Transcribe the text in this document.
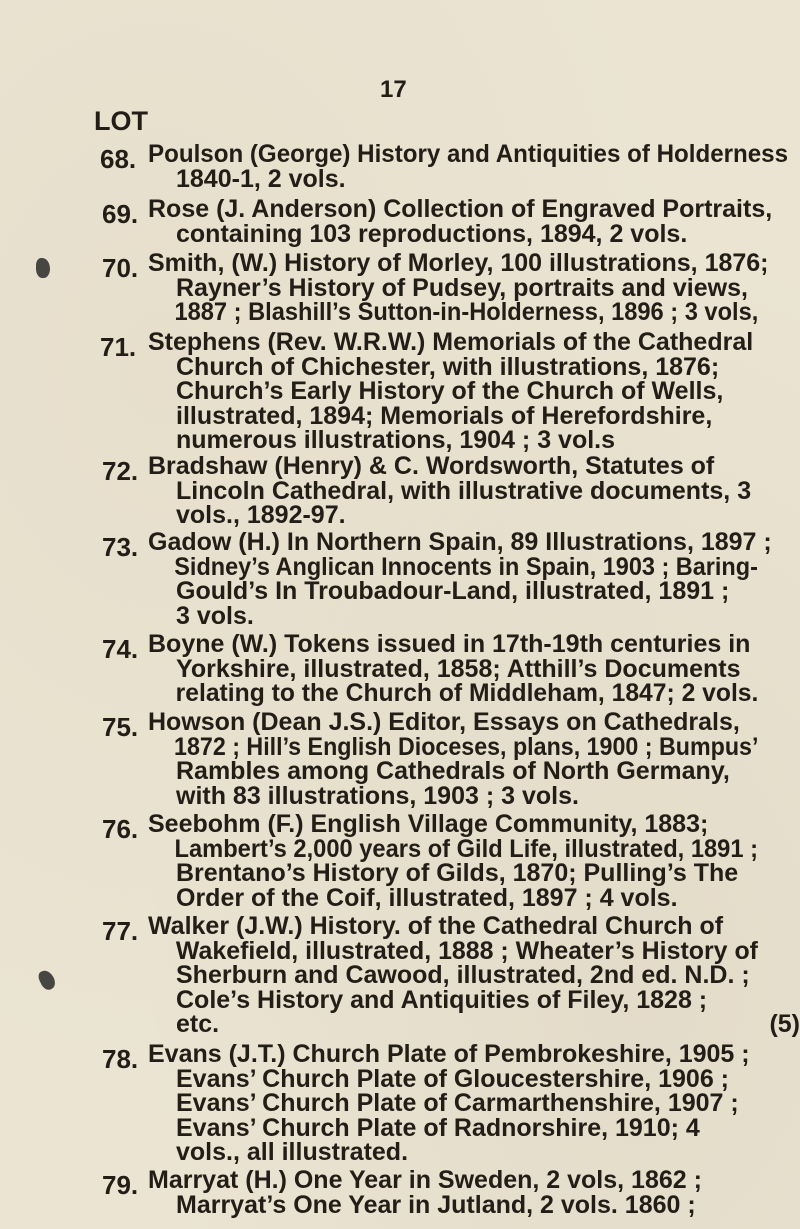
17
LOT
68. Poulson (George) History and Antiquities of Holderness
1840-1, 2 vols.

69. Rose (J. Anderson) Collection of Engraved Portraits,
containing 103 reproductions, 1894, 2 vols.

70. Smith, (W.) History of Morley, 100 illustrations, 1876;
Rayner’s History of Pudsey, portraits and views,
1887 ; Blashill’s Sutton-in-Holderness, 1896 ; 3 vols,

71. Stephens (Rev. W.R.W.) Memorials of the Cathedral
Church of Chichester, with illustrations, 1876;
Church’s Early History of the Church of Wells,
illustrated, 1894; Memorials of Herefordshire,
numerous illustrations, 1904 ; 3 vol.s

72. Bradshaw (Henry) & C. Wordsworth, Statutes of
Lincoln Cathedral, with illustrative documents, 3
vols., 1892-97.

73. Gadow (H.) In Northern Spain, 89 Illustrations, 1897 ;
Sidney’s Anglican Innocents in Spain, 1903 ; Baring-
Gould’s In Troubadour-Land, illustrated, 1891 ;
3 vols.

74. Boyne (W.) Tokens issued in 17th-19th centuries in
Yorkshire, illustrated, 1858; Atthill’s Documents
relating to the Church of Middleham, 1847; 2 vols.

75. Howson (Dean J.S.) Editor, Essays on Cathedrals,
1872 ; Hill’s English Dioceses, plans, 1900 ; Bumpus’
Rambles among Cathedrals of North Germany,
with 83 illustrations, 1903 ; 3 vols.

76. Seebohm (F.) English Village Community, 1883;
Lambert’s 2,000 years of Gild Life, illustrated, 1891 ;
Brentano’s History of Gilds, 1870; Pulling’s The
Order of the Coif, illustrated, 1897 ; 4 vols.

77. Walker (J.W.) History. of the Cathedral Church of
Wakefield, illustrated, 1888 ; Wheater’s History of
Sherburn and Cawood, illustrated, 2nd ed. N.D. ;
Cole’s History and Antiquities of Filey, 1828 ;
etc.	(5)

78. Evans (J.T.) Church Plate of Pembrokeshire, 1905 ;
Evans’ Church Plate of Gloucestershire, 1906 ;
Evans’ Church Plate of Carmarthenshire, 1907 ;
Evans’ Church Plate of Radnorshire, 1910; 4
vols., all illustrated.

79. Marryat (H.) One Year in Sweden, 2 vols, 1862 ;
Marryat’s One Year in Jutland, 2 vols. 1860 ;
